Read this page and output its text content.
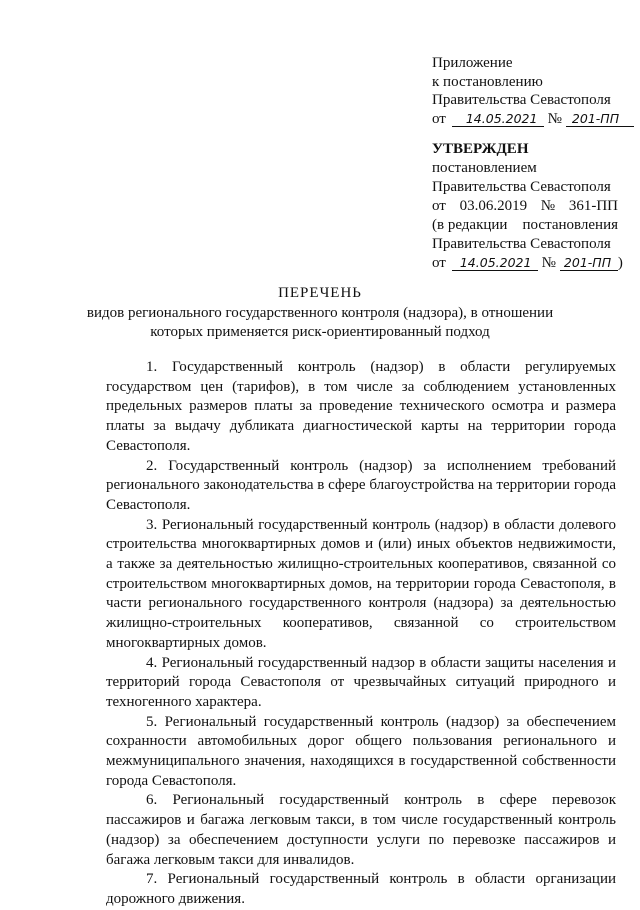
Приложение
к постановлению
Правительства Севастополя
от 14.05.2021 № 201-ПП
УТВЕРЖДЕН
постановлением
Правительства Севастополя
от 03.06.2019 № 361-ПП
(в редакции постановления
Правительства Севастополя
от 14.05.2021 № 201-ПП )
ПЕРЕЧЕНЬ
видов регионального государственного контроля (надзора), в отношении
которых применяется риск-ориентированный подход

1. Государственный контроль (надзор) в области регулируемых государством цен (тарифов), в том числе за соблюдением установленных предельных размеров платы за проведение технического осмотра и размера платы за выдачу дубликата диагностической карты на территории города Севастополя.

2. Государственный контроль (надзор) за исполнением требований регионального законодательства в сфере благоустройства на территории города Севастополя.

3. Региональный государственный контроль (надзор) в области долевого строительства многоквартирных домов и (или) иных объектов недвижимости, а также за деятельностью жилищно-строительных кооперативов, связанной со строительством многоквартирных домов, на территории города Севастополя, в части регионального государственного контроля (надзора) за деятельностью жилищно-строительных кооперативов, связанной со строительством многоквартирных домов.

4. Региональный государственный надзор в области защиты населения и территорий города Севастополя от чрезвычайных ситуаций природного и техногенного характера.

5. Региональный государственный контроль (надзор) за обеспечением сохранности автомобильных дорог общего пользования регионального и межмуниципального значения, находящихся в государственной собственности города Севастополя.

6. Региональный государственный контроль в сфере перевозок пассажиров и багажа легковым такси, в том числе государственный контроль (надзор) за обеспечением доступности услуги по перевозке пассажиров и багажа легковым такси для инвалидов.

7. Региональный государственный контроль в области организации дорожного движения.
